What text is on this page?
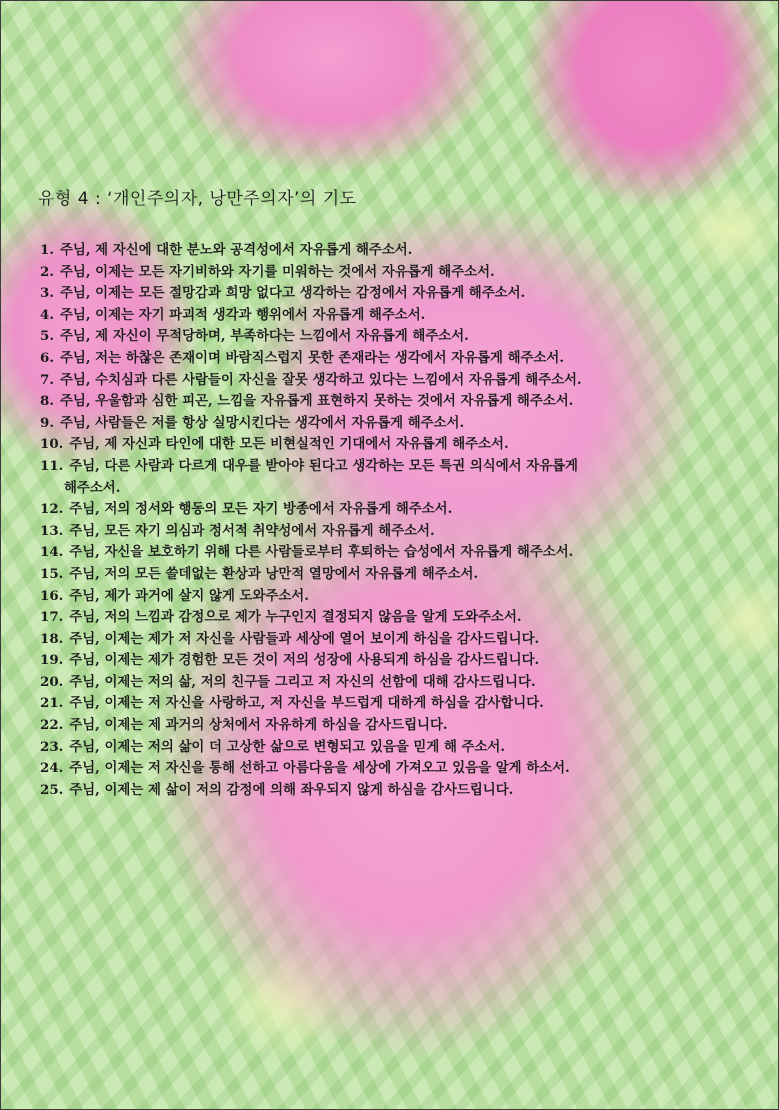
유형 4 : ‘개인주의자, 낭만주의자’의 기도
1. 주님, 제 자신에 대한 분노와 공격성에서 자유롭게 해주소서.
2. 주님, 이제는 모든 자기비하와 자기를 미워하는 것에서 자유롭게 해주소서.
3. 주님, 이제는 모든 절망감과 희망 없다고 생각하는 감정에서 자유롭게 해주소서.
4. 주님, 이제는 자기 파괴적 생각과 행위에서 자유롭게 해주소서.
5. 주님, 제 자신이 무적당하며, 부족하다는 느낌에서 자유롭게 해주소서.
6. 주님, 저는 하찮은 존재이며 바람직스럽지 못한 존재라는 생각에서 자유롭게 해주소서.
7. 주님, 수치심과 다른 사람들이 자신을 잘못 생각하고 있다는 느낌에서 자유롭게 해주소서.
8. 주님, 우울함과 심한 피곤, 느낌을 자유롭게 표현하지 못하는 것에서 자유롭게 해주소서.
9. 주님, 사람들은 저를 항상 실망시킨다는 생각에서 자유롭게 해주소서.
10. 주님, 제 자신과 타인에 대한 모든 비현실적인 기대에서 자유롭게 해주소서.
11. 주님, 다른 사람과 다르게 대우를 받아야 된다고 생각하는 모든 특권 의식에서 자유롭게
해주소서.
12. 주님, 저의 정서와 행동의 모든 자기 방종에서 자유롭게 해주소서.
13. 주님, 모든 자기 의심과 정서적 취약성에서 자유롭게 해주소서.
14. 주님, 자신을 보호하기 위해 다른 사람들로부터 후퇴하는 습성에서 자유롭게 해주소서.
15. 주님, 저의 모든 쓸데없는 환상과 낭만적 열망에서 자유롭게 해주소서.
16. 주님, 제가 과거에 살지 않게 도와주소서.
17. 주님, 저의 느낌과 감정으로 제가 누구인지 결정되지 않음을 알게 도와주소서.
18. 주님, 이제는 제가 저 자신을 사람들과 세상에 열어 보이게 하심을 감사드립니다.
19. 주님, 이제는 제가 경험한 모든 것이 저의 성장에 사용되게 하심을 감사드립니다.
20. 주님, 이제는 저의 삶, 저의 친구들 그리고 저 자신의 선함에 대해 감사드립니다.
21. 주님, 이제는 저 자신을 사랑하고, 저 자신을 부드럽게 대하게 하심을 감사합니다.
22. 주님, 이제는 제 과거의 상처에서 자유하게 하심을 감사드립니다.
23. 주님, 이제는 저의 삶이 더 고상한 삶으로 변형되고 있음을 믿게 해 주소서.
24. 주님, 이제는 저 자신을 통해 선하고 아름다움을 세상에 가져오고 있음을 알게 하소서.
25. 주님, 이제는 제 삶이 저의 감정에 의해 좌우되지 않게 하심을 감사드립니다.
